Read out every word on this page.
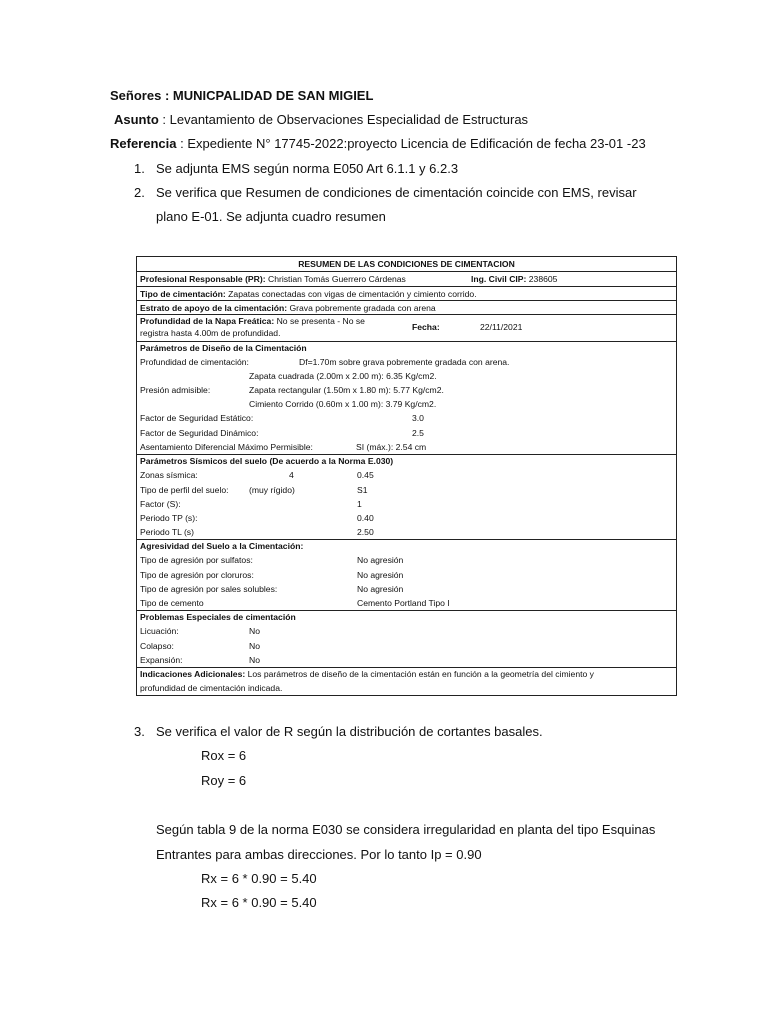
Señores : MUNICPALIDAD DE SAN MIGIEL
Asunto : Levantamiento de Observaciones Especialidad de Estructuras
Referencia : Expediente N° 17745-2022:proyecto Licencia de Edificación de fecha 23-01 -23
1. Se adjunta EMS según norma E050 Art 6.1.1 y 6.2.3
2. Se verifica que Resumen de condiciones de cimentación coincide con EMS, revisar
plano E-01. Se adjunta cuadro resumen
RESUMEN DE LAS CONDICIONES DE CIMENTACION
Profesional Responsable (PR): Christian Tomás Guerrero Cárdenas	Ing. Civil CIP: 238605
Tipo de cimentación: Zapatas conectadas con vigas de cimentación y cimiento corrido.
Estrato de apoyo de la cimentación: Grava pobremente gradada con arena
Profundidad de la Napa Freática: No se presenta - No se
registra hasta 4.00m de profundidad.
Fecha:	22/11/2021
Parámetros de Diseño de la Cimentación
Profundidad de cimentación:	Df=1.70m sobre grava pobremente gradada con arena.
Zapata cuadrada (2.00m x 2.00 m): 6.35 Kg/cm2.
Presión admisible:	Zapata rectangular (1.50m x 1.80 m): 5.77 Kg/cm2.
Cimiento Corrido (0.60m x 1.00 m): 3.79 Kg/cm2.
Factor de Seguridad Estático:	3.0
Factor de Seguridad Dinámico:	2.5
Asentamiento Diferencial Máximo Permisible:	SI (máx.): 2.54 cm
Parámetros Sísmicos del suelo (De acuerdo a la Norma E.030)
Zonas sísmica:	4	0.45
Tipo de perfil del suelo: (muy rígido)	S1
Factor (S):	1
Periodo TP (s):	0.40
Periodo TL (s)	2.50
Agresividad del Suelo a la Cimentación:
Tipo de agresión por sulfatos:	No agresión
Tipo de agresión por cloruros:	No agresión
Tipo de agresión por sales solubles:	No agresión
Tipo de cemento	Cemento Portland Tipo I
Problemas Especiales de cimentación
Licuación:	No
Colapso:	No
Expansión:	No
Indicaciones Adicionales: Los parámetros de diseño de la cimentación están en función a la geometría del cimiento y
profundidad de cimentación indicada.
3. Se verifica el valor de R según la distribución de cortantes basales.
Rox = 6
Roy = 6
Según tabla 9 de la norma E030 se considera irregularidad en planta del tipo Esquinas
Entrantes para ambas direcciones. Por lo tanto Ip = 0.90
Rx = 6 * 0.90 = 5.40
Rx = 6 * 0.90 = 5.40
